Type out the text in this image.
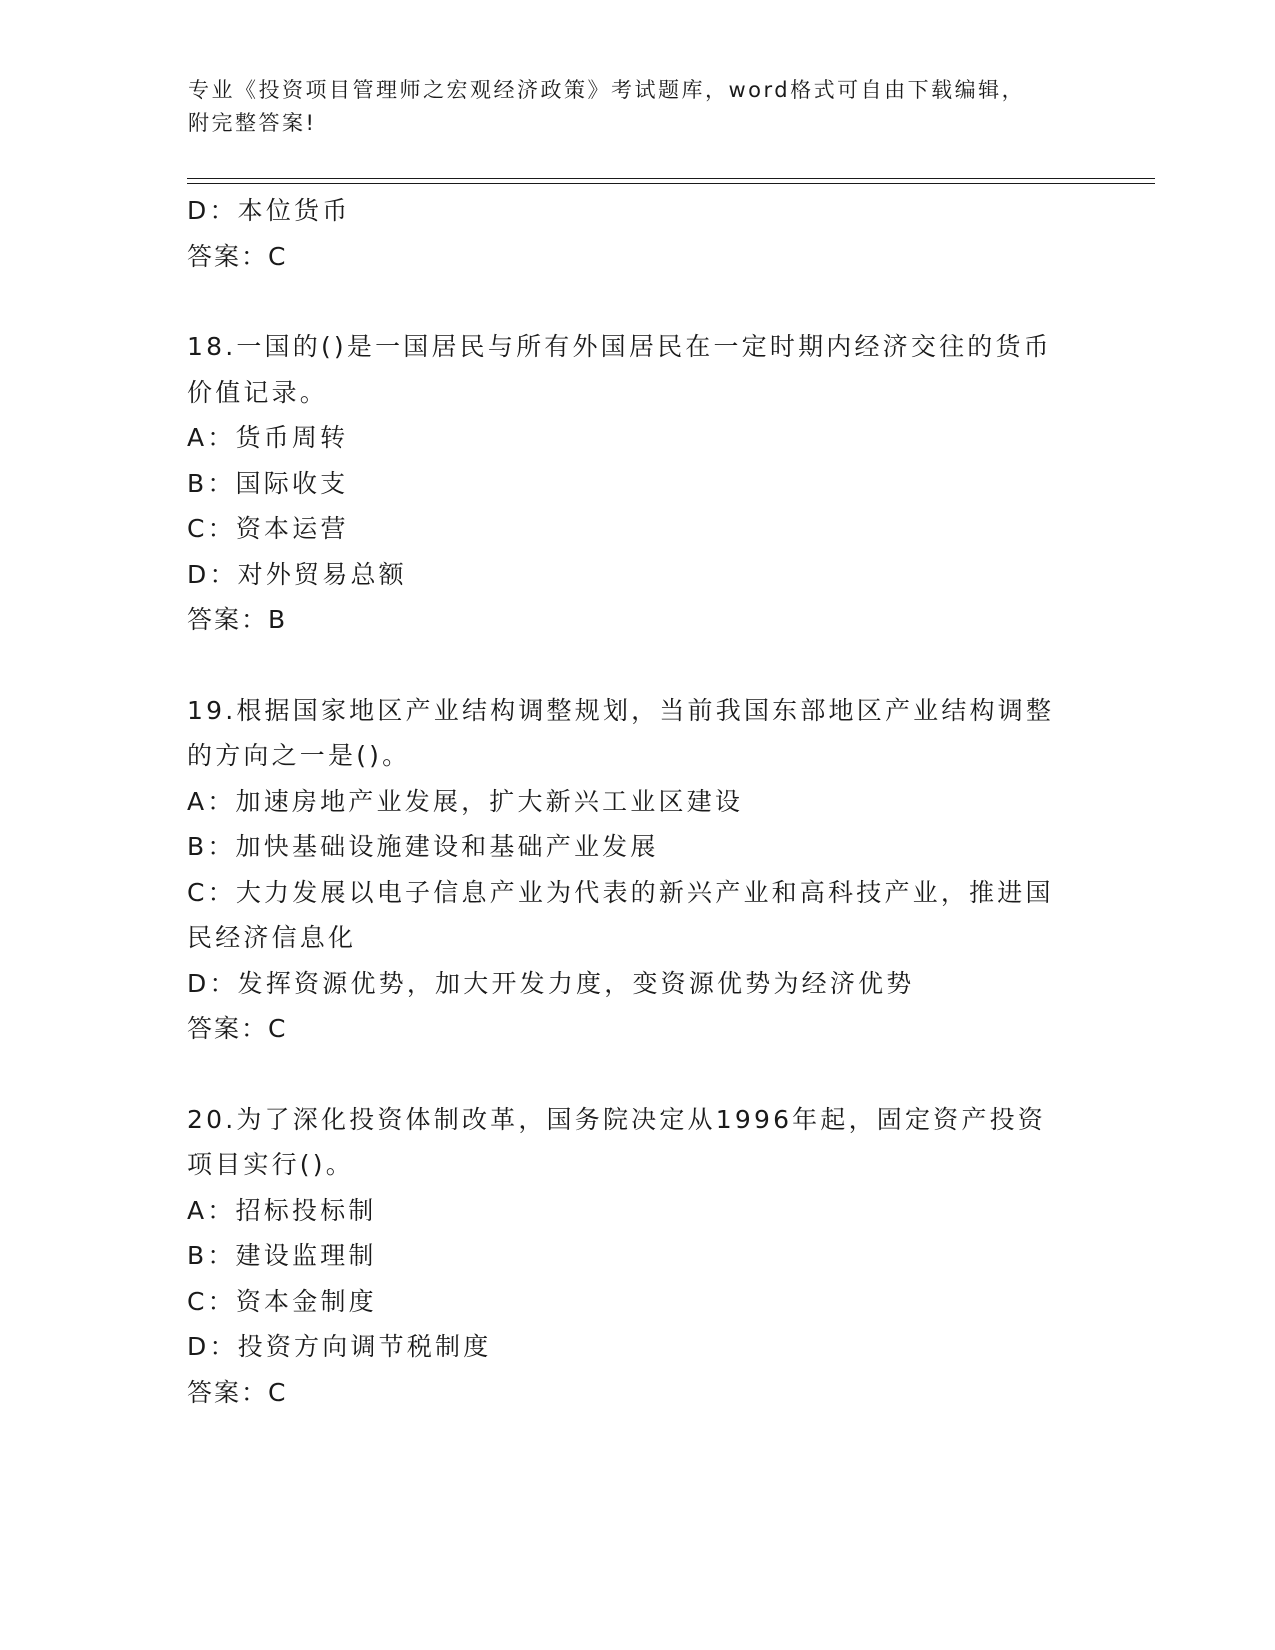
专业《投资项目管理师之宏观经济政策》考试题库，word格式可自由下载编辑，
附完整答案!

D：本位货币

答案：C

18.一国的()是一国居民与所有外国居民在一定时期内经济交往的货币价值记录。

A：货币周转

B：国际收支

C：资本运营

D：对外贸易总额

答案：B

19.根据国家地区产业结构调整规划，当前我国东部地区产业结构调整的方向之一是()。

A：加速房地产业发展，扩大新兴工业区建设

B：加快基础设施建设和基础产业发展

C：大力发展以电子信息产业为代表的新兴产业和高科技产业，推进国民经济信息化

D：发挥资源优势，加大开发力度，变资源优势为经济优势

答案：C

20.为了深化投资体制改革，国务院决定从1996年起，固定资产投资项目实行()。

A：招标投标制

B：建设监理制

C：资本金制度

D：投资方向调节税制度

答案：C
